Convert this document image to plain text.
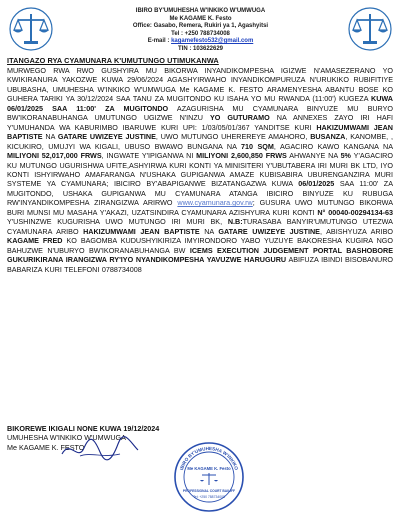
IBIRO BY'UMUHESHA W'INKIKO W'UMWUGA
Me KAGAME K. Festo
Office: Gasabo, Remera, Rukiri ya 1, Agashyitsi
Tel : +250 788734008
E-mail : kagamefesto532@gmail.com
TIN : 103622629
ITANGAZO RYA CYAMUNARA K'UMUTUNGO UTIMUKANWA
MURWEGO RWA RWO GUSHYIRA MU BIKORWA INYANDIKOMPESHA IGIZWE N'AMASEZERANO YO KWIKIRANURA YAKOZWE KUWA 29/06/2024 AGASHYIRWAHO INYANDIKOMPURUZA N'URUKIKO RUBIFITIYE UBUBASHA, UMUHESHA W'INKIKO W'UMWUGA Me KAGAME K. FESTO ARAMENYESHA ABANTU BOSE KO GUHERA TARIKI YA 30/12/2024 SAA TANU ZA MUGITONDO KU ISAHA YO MU RWANDA (11:00') KUGEZA KUWA 06/01/2025 SAA 11:00' ZA MUGITONDO AZAGURISHA MU CYAMUNARA BINYUZE MU BURYO BW'IKORANABUHANGA UMUTUNGO UGIZWE N'INZU YO GUTURAMO NA ANNEXES ZAYO IRI HAFI Y'UMUHANDA WA KABURIMBO IBARUWE KURI UPI: 1/03/05/01/367 YANDITSE KURI HAKIZUMWAMI JEAN BAPTISTE NA GATARE UWIZEYE JUSTINE, UWO MUTUNGO UHEREREYE AMAHORO, BUSANZA, KANOMBE, , KICUKIRO, UMUJYI WA KIGALI, UBUSO BWAWO BUNGANA NA 710 SQM, AGACIRO KAWO KANGANA NA MILIYONI 52,017,000 FRWS, INGWATE Y'IPIGANWA NI MILIYONI 2,600,850 FRWS AHWANYE NA 5% Y'AGACIRO KU MUTUNGO UGURISHWA UFITE,ASHYIRWA KURI KONTI YA MINISITERI Y'UBUTABERA IRI MURI BK LTD, IYO KONTI ISHYIRWAHO AMAFARANGA N'USHAKA GUPIGANWA AMAZE KUBISABIRA UBURENGANZIRA MURI SYSTEME YA CYAMUNARA; IBICIRO BY'ABAPIGANWE BIZATANGAZWA KUWA 06/01/2025 SAA 11:00' ZA MUGITONDO, USHAKA GUPIGANWA MU CYAMUNARA ATANGA IBICIRO BINYUZE KU RUBUGA RW'INYANDIKOMPESHA ZIRANGIZWA ARIRWO www.cyamunara.gov.rw; GUSURA UWO MUTUNGO BIKORWA BURI MUNSI MU MASAHA Y'AKAZI, UZATSINDIRA CYAMUNARA AZISHYURA KURI KONTI N° 00040-00294134-63 Y'USHINZWE KUGURISHA UWO MUTUNGO IRI MURI BK, N.B:TURASABA BANYIR'UMUTUNGO UTEZWA CYAMUNARA ARIBO HAKIZUMWAMI JEAN BAPTISTE NA GATARE UWIZEYE JUSTINE, ABISHYUZA ARIBO KAGAME FRED KO BAGOMBA KUDUSHYIKIRIZA IMYIRONDORO YABO YUZUYE BAKORESHA KUGIRA NGO BAHUZWE N'UBURYO BW'IKORANABUHANGA BW ICEMS EXECUTION JUDGEMENT PORTAL BASHOBORE GUKURIKIRANA IRANGIZWA RY'IYO NYANDIKOMPESHA YAVUZWE HARUGURU ABIFUZA IBINDI BISOBANURO BABARIZA KURI TELEFONI 0788734008
BIKOREWE IKIGALI NONE KUWA 19/12/2024
UMUHESHA W'INKIKO W'UMWUGA
Me KAGAME K. FESTO
IBIRO BY'UMUHESHA W'INKIKO
Me KAGAME K. Festo
PROFESSIONAL COURT BAILIFF
Tel: +250 788734008
